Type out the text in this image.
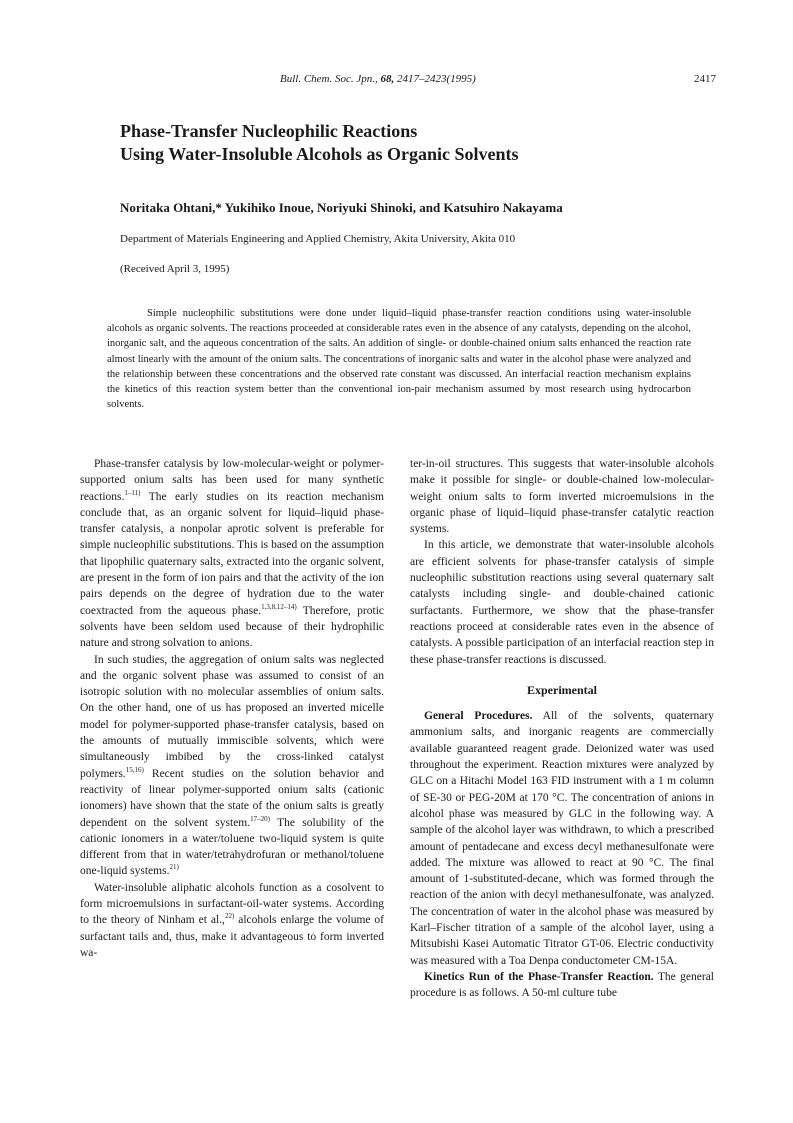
Bull. Chem. Soc. Jpn., 68, 2417–2423(1995)	2417
Phase-Transfer Nucleophilic Reactions
Using Water-Insoluble Alcohols as Organic Solvents
Noritaka Ohtani,* Yukihiko Inoue, Noriyuki Shinoki, and Katsuhiro Nakayama
Department of Materials Engineering and Applied Chemistry, Akita University, Akita 010
(Received April 3, 1995)

Simple nucleophilic substitutions were done under liquid–liquid phase-transfer reaction conditions using water-insoluble alcohols as organic solvents. The reactions proceeded at considerable rates even in the absence of any catalysts, depending on the alcohol, inorganic salt, and the aqueous concentration of the salts. An addition of single- or double-chained onium salts enhanced the reaction rate almost linearly with the amount of the onium salts. The concentrations of inorganic salts and water in the alcohol phase were analyzed and the relationship between these concentrations and the observed rate constant was discussed. An interfacial reaction mechanism explains the kinetics of this reaction system better than the conventional ion-pair mechanism assumed by most research using hydrocarbon solvents.

Phase-transfer catalysis by low-molecular-weight or polymer-supported onium salts has been used for many synthetic reactions.$^{1-11)}$ The early studies on its reaction mechanism conclude that, as an organic solvent for liquid–liquid phase-transfer catalysis, a nonpolar aprotic solvent is preferable for simple nucleophilic substitutions. This is based on the assumption that lipophilic quaternary salts, extracted into the organic solvent, are present in the form of ion pairs and that the activity of the ion pairs depends on the degree of hydration due to the water coextracted from the aqueous phase.$^{1,3,8,12-14)}$ Therefore, protic solvents have been seldom used because of their hydrophilic nature and strong solvation to anions.

In such studies, the aggregation of onium salts was neglected and the organic solvent phase was assumed to consist of an isotropic solution with no molecular assemblies of onium salts. On the other hand, one of us has proposed an inverted micelle model for polymer-supported phase-transfer catalysis, based on the amounts of mutually immiscible solvents, which were simultaneously imbibed by the cross-linked catalyst polymers.$^{15,16)}$ Recent studies on the solution behavior and reactivity of linear polymer-supported onium salts (cationic ionomers) have shown that the state of the onium salts is greatly dependent on the solvent system.$^{17-20)}$ The solubility of the cationic ionomers in a water/toluene two-liquid system is quite different from that in water/tetrahydrofuran or methanol/toluene one-liquid systems.$^{21)}$

Water-insoluble aliphatic alcohols function as a cosolvent to form microemulsions in surfactant-oil-water systems. According to the theory of Ninham et al.,$^{22)}$ alcohols enlarge the volume of surfactant tails and, thus, make it advantageous to form inverted wa-

ter-in-oil structures. This suggests that water-insoluble alcohols make it possible for single- or double-chained low-molecular-weight onium salts to form inverted microemulsions in the organic phase of liquid–liquid phase-transfer catalytic reaction systems.

In this article, we demonstrate that water-insoluble alcohols are efficient solvents for phase-transfer catalysis of simple nucleophilic substitution reactions using several quaternary salt catalysts including single- and double-chained cationic surfactants. Furthermore, we show that the phase-transfer reactions proceed at considerable rates even in the absence of catalysts. A possible participation of an interfacial reaction step in these phase-transfer reactions is discussed.

Experimental

General Procedures. All of the solvents, quaternary ammonium salts, and inorganic reagents are commercially available guaranteed reagent grade. Deionized water was used throughout the experiment. Reaction mixtures were analyzed by GLC on a Hitachi Model 163 FID instrument with a 1 m column of SE-30 or PEG-20M at 170 °C. The concentration of anions in alcohol phase was measured by GLC in the following way. A sample of the alcohol layer was withdrawn, to which a prescribed amount of pentadecane and excess decyl methanesulfonate were added. The mixture was allowed to react at 90 °C. The final amount of 1-substituted-decane, which was formed through the reaction of the anion with decyl methanesulfonate, was analyzed. The concentration of water in the alcohol phase was measured by Karl–Fischer titration of a sample of the alcohol layer, using a Mitsubishi Kasei Automatic Titrator GT-06. Electric conductivity was measured with a Toa Denpa conductometer CM-15A.

Kinetics Run of the Phase-Transfer Reaction. The general procedure is as follows. A 50-ml culture tube
